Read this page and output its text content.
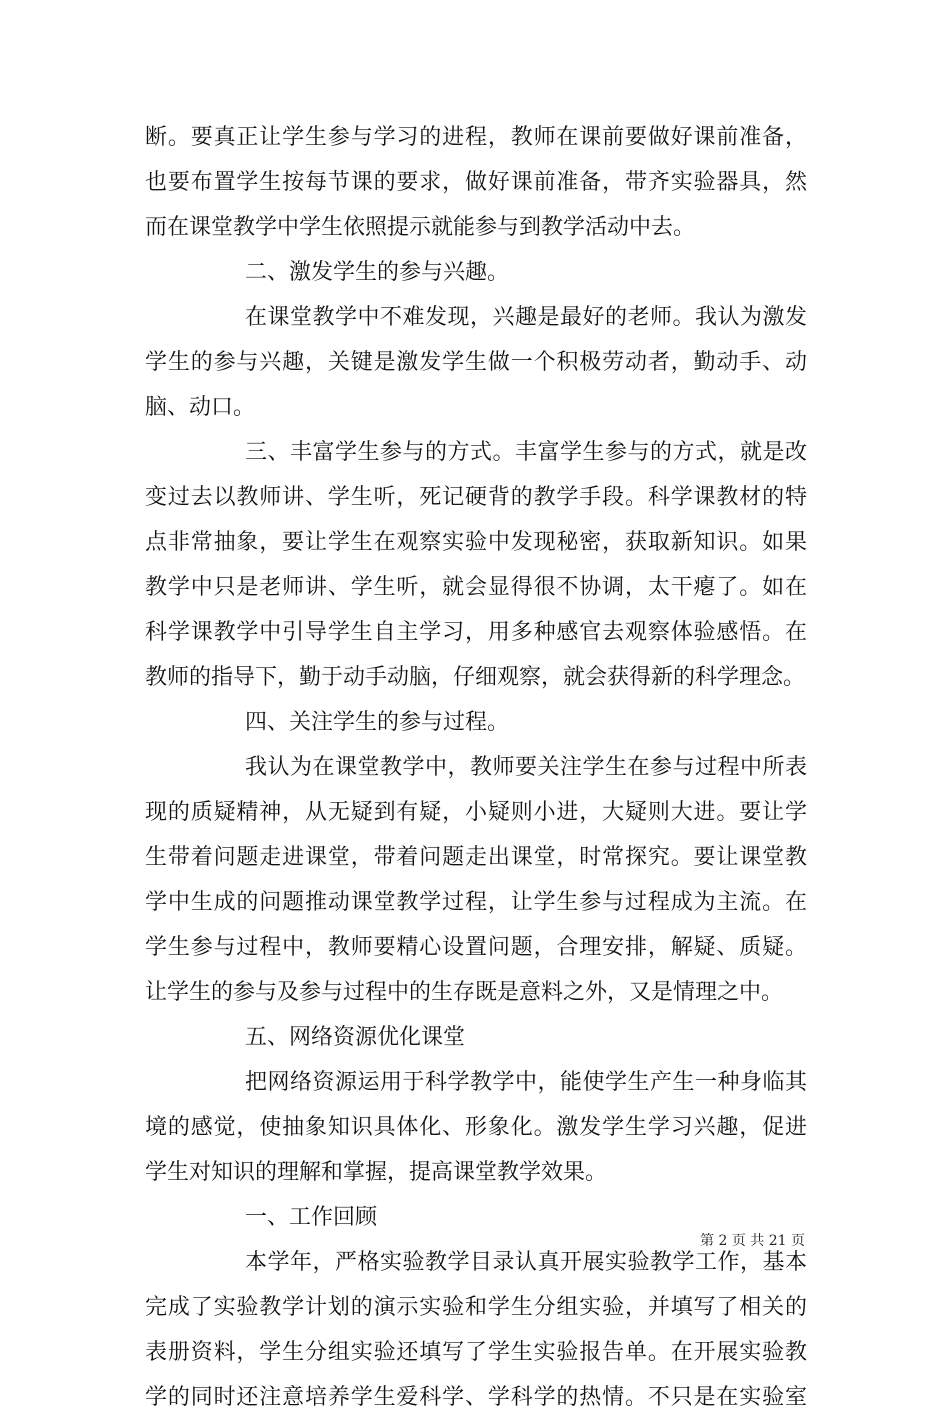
断。要真正让学生参与学习的进程，教师在课前要做好课前准备，
也要布置学生按每节课的要求，做好课前准备，带齐实验器具，然
而在课堂教学中学生依照提示就能参与到教学活动中去。
二、激发学生的参与兴趣。
在课堂教学中不难发现，兴趣是最好的老师。我认为激发
学生的参与兴趣，关键是激发学生做一个积极劳动者，勤动手、动
脑、动口。
三、丰富学生参与的方式。丰富学生参与的方式，就是改
变过去以教师讲、学生听，死记硬背的教学手段。科学课教材的特
点非常抽象，要让学生在观察实验中发现秘密，获取新知识。如果
教学中只是老师讲、学生听，就会显得很不协调，太干瘪了。如在
科学课教学中引导学生自主学习，用多种感官去观察体验感悟。在
教师的指导下，勤于动手动脑，仔细观察，就会获得新的科学理念。
四、关注学生的参与过程。
我认为在课堂教学中，教师要关注学生在参与过程中所表
现的质疑精神，从无疑到有疑，小疑则小进，大疑则大进。要让学
生带着问题走进课堂，带着问题走出课堂，时常探究。要让课堂教
学中生成的问题推动课堂教学过程，让学生参与过程成为主流。在
学生参与过程中，教师要精心设置问题，合理安排，解疑、质疑。
让学生的参与及参与过程中的生存既是意料之外，又是情理之中。
五、网络资源优化课堂
把网络资源运用于科学教学中，能使学生产生一种身临其
境的感觉，使抽象知识具体化、形象化。激发学生学习兴趣，促进
学生对知识的理解和掌握，提高课堂教学效果。
一、工作回顾
本学年，严格实验教学目录认真开展实验教学工作，基本
完成了实验教学计划的演示实验和学生分组实验，并填写了相关的
表册资料，学生分组实验还填写了学生实验报告单。在开展实验教
学的同时还注意培养学生爱科学、学科学的热情。不只是在实验室
第 2 页 共 21 页
